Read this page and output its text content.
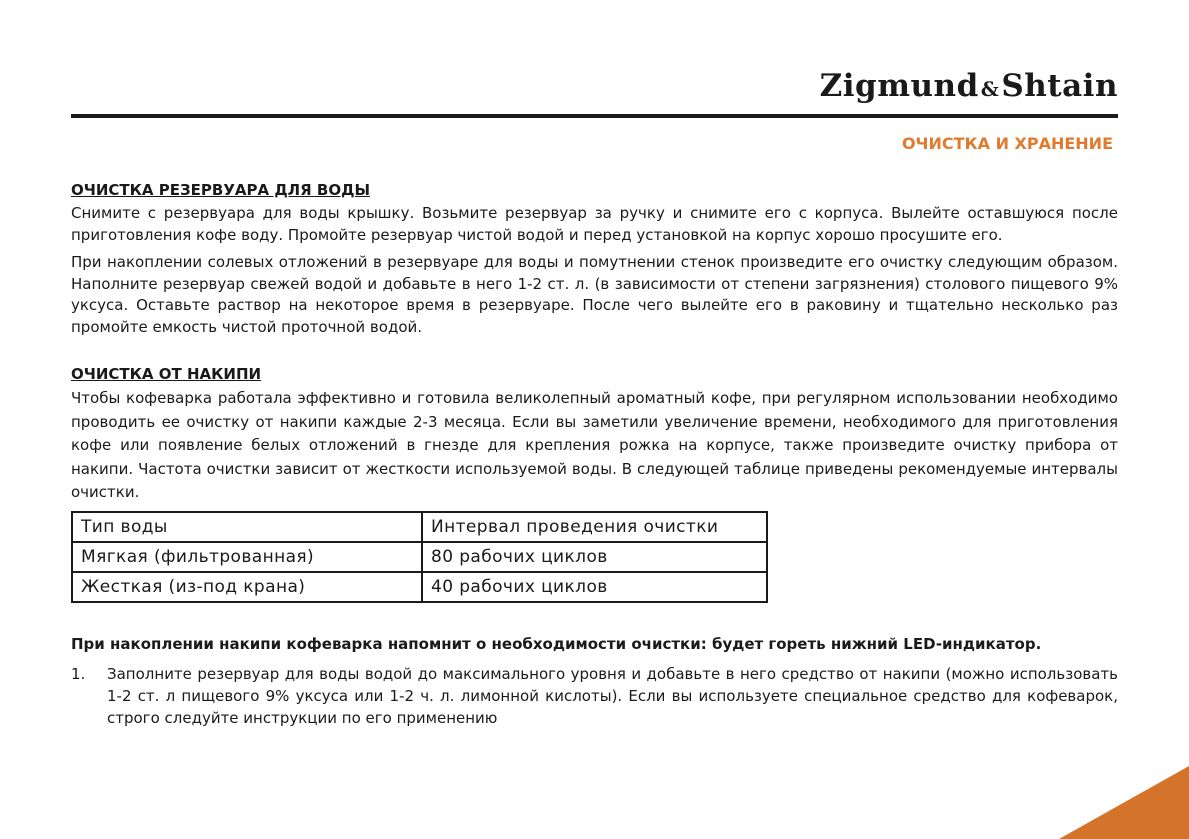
Zigmund &Shtain
ОЧИСТКА И ХРАНЕНИЕ
ОЧИСТКА РЕЗЕРВУАРА ДЛЯ ВОДЫ

Снимите с резервуара для воды крышку. Возьмите резервуар за ручку и снимите его с корпуса. Вылейте оставшуюся после приготовления кофе воду. Промойте резервуар чистой водой и перед установкой на корпус хорошо просушите его.

При накоплении солевых отложений в резервуаре для воды и помутнении стенок произведите его очистку следующим образом. Наполните резервуар свежей водой и добавьте в него 1-2 ст. л. (в зависимости от степени загрязнения) столового пищевого 9% уксуса. Оставьте раствор на некоторое время в резервуаре. После чего вылейте его в раковину и тщательно несколько раз промойте емкость чистой проточной водой.

ОЧИСТКА ОТ НАКИПИ

Чтобы кофеварка работала эффективно и готовила великолепный ароматный кофе, при регулярном использовании необходимо проводить ее очистку от накипи каждые 2-3 месяца. Если вы заметили увеличение времени, необходимого для приготовления кофе или появление белых отложений в гнезде для крепления рожка на корпусе, также произведите очистку прибора от накипи. Частота очистки зависит от жесткости используемой воды. В следующей таблице приведены рекомендуемые интервалы очистки.

Тип воды	Интервал проведения очистки
Мягкая (фильтрованная)	80 рабочих циклов
Жесткая (из-под крана)	40 рабочих циклов
При накоплении накипи кофеварка напомнит о необходимости очистки: будет гореть нижний LED-индикатор.
1.	Заполните резервуар для воды водой до максимального уровня и добавьте в него средство от накипи (можно использовать 1-2 ст. л пищевого 9% уксуса или 1-2 ч. л. лимонной кислоты). Если вы используете специальное средство для кофеварок, строго следуйте инструкции по его применению
